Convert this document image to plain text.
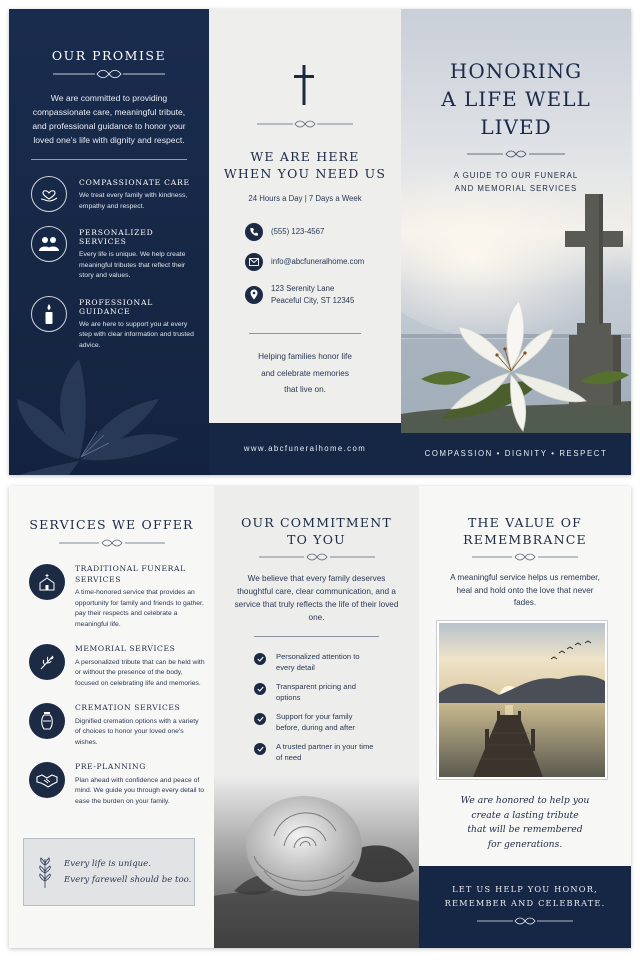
OUR PROMISE
We are committed to providing compassionate care, meaningful tribute, and professional guidance to honor your loved one’s life with dignity and respect.
COMPASSIONATE CARE
We treat every family with kindness, empathy and respect.
PERSONALIZED SERVICES
Every life is unique. We help create meaningful tributes that reflect their story and values.
PROFESSIONAL GUIDANCE
We are here to support you at every step with clear information and trusted advice.
WE ARE HERE
WHEN YOU NEED US
24 Hours a Day | 7 Days a Week
(555) 123-4567
info@abcfuneralhome.com
123 Serenity Lane
Peaceful City, ST 12345
Helping families honor life
and celebrate memories
that live on.
www.abcfuneralhome.com
HONORING
A LIFE WELL
LIVED
A GUIDE TO OUR FUNERAL
AND MEMORIAL SERVICES
COMPASSION • DIGNITY • RESPECT
SERVICES WE OFFER
TRADITIONAL FUNERAL
SERVICES
A time-honored service that provides an opportunity for family and friends to gather, pay their respects and celebrate a meaningful life.
MEMORIAL SERVICES
A personalized tribute that can be held with or without the presence of the body, focused on celebrating life and memories.
CREMATION SERVICES
Dignified cremation options with a variety of choices to honor your loved one’s wishes.
PRE-PLANNING
Plan ahead with confidence and peace of mind. We guide you through every detail to ease the burden on your family.
Every life is unique.
Every farewell should be too.
OUR COMMITMENT
TO YOU
We believe that every family deserves thoughtful care, clear communication, and a service that truly reflects the life of their loved one.
Personalized attention to every detail
Transparent pricing and options
Support for your family before, during and after
A trusted partner in your time of need
THE VALUE OF
REMEMBRANCE
A meaningful service helps us remember, heal and hold onto the love that never fades.
We are honored to help you
create a lasting tribute
that will be remembered
for generations.
LET US HELP YOU HONOR,
REMEMBER AND CELEBRATE.
